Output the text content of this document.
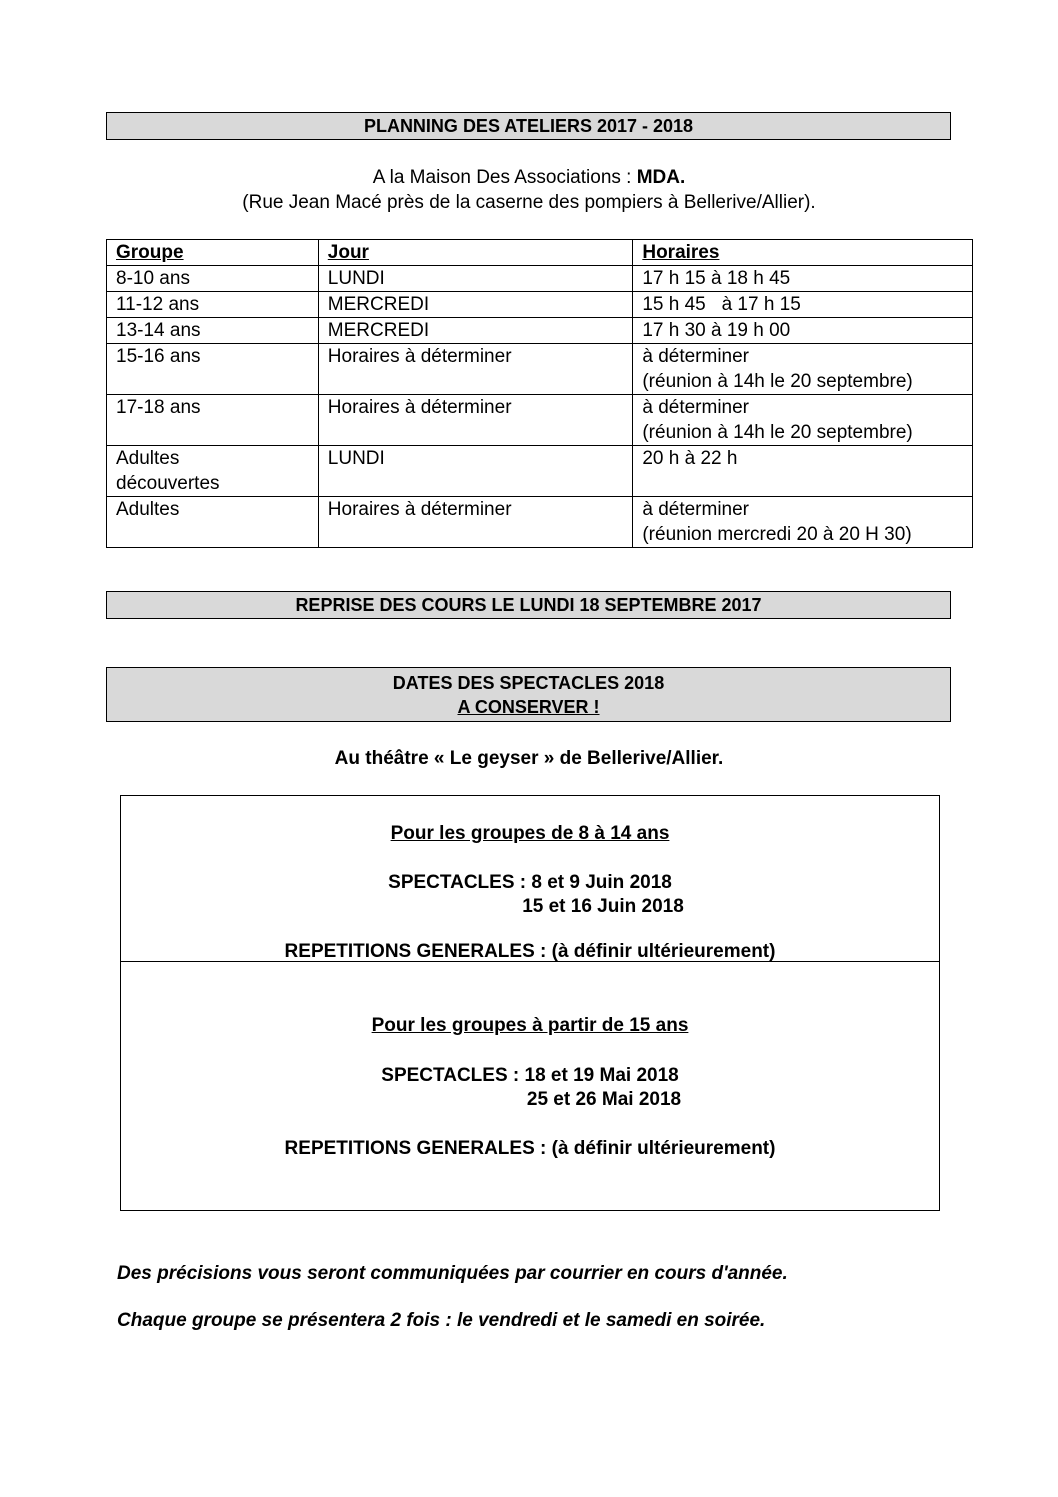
PLANNING DES ATELIERS 2017 - 2018
A la Maison Des Associations : MDA.
(Rue Jean Macé près de la caserne des pompiers à Bellerive/Allier).
Groupe	Jour	Horaires
8-10 ans	LUNDI	17 h 15 à 18 h 45
11-12 ans	MERCREDI	15 h 45   à 17 h 15
13-14 ans	MERCREDI	17 h 30 à 19 h 00
15-16 ans	Horaires à déterminer	à déterminer
(réunion à 14h le 20 septembre)

17-18 ans	Horaires à déterminer	à déterminer
(réunion à 14h le 20 septembre)

Adultes
découvertes	LUNDI	20 h à 22 h
Adultes	Horaires à déterminer	à déterminer
(réunion mercredi 20 à 20 H 30)
REPRISE DES COURS LE LUNDI 18 SEPTEMBRE 2017
DATES DES SPECTACLES 2018
A CONSERVER !
Au théâtre « Le geyser » de Bellerive/Allier.
Pour les groupes de 8 à 14 ans
SPECTACLES : 8 et 9 Juin 2018
15 et 16 Juin 2018
REPETITIONS GENERALES : (à définir ultérieurement)
Pour les groupes à partir de 15 ans
SPECTACLES : 18 et 19 Mai 2018
25 et 26 Mai 2018
REPETITIONS GENERALES : (à définir ultérieurement)
Des précisions vous seront communiquées par courrier en cours d'année.
Chaque groupe se présentera 2 fois : le vendredi et le samedi en soirée.
